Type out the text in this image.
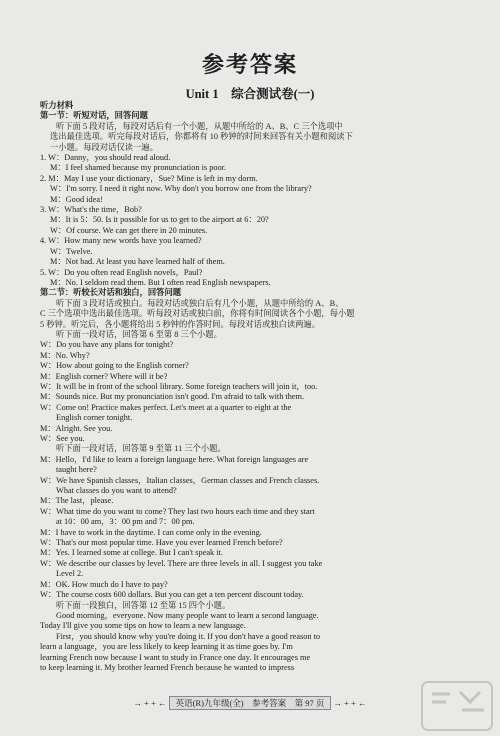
参考答案
Unit 1　综合测试卷(一)

听力材料

第一节：听短对话，回答问题

听下面 5 段对话，每段对话后有一个小题，从题中所给的 A、B、C 三个选项中

选出最佳选项。听完每段对话后，你都将有 10 秒钟的时间来回答有关小题和阅读下

一小题。每段对话仅读一遍。

1. W：Danny，you should read aloud.

M：I feel shamed because my pronunciation is poor.

2. M：May I use your dictionary，Sue? Mine is left in my dorm.

W：I'm sorry. I need it right now. Why don't you borrow one from the library?

M：Good idea!

3. W：What's the time，Bob?

M：It is 5：50. Is it possible for us to get to the airport at 6：20?

W：Of course. We can get there in 20 minutes.

4. W：How many new words have you learned?

W：Twelve.

M：Not bad. At least you have learned half of them.

5. W：Do you often read English novels，Paul?

M：No. I seldom read them. But I often read English newspapers.

第二节：听较长对话和独白，回答问题

听下面 3 段对话或独白。每段对话或独白后有几个小题，从题中所给的 A、B、

C 三个选项中选出最佳选项。听每段对话或独白前，你将有时间阅读各个小题，每小题

5 秒钟。听完后，各小题将给出 5 秒钟的作答时间。每段对话或独白读两遍。

听下面一段对话，回答第 6 至第 8 三个小题。

W：Do you have any plans for tonight?

M：No. Why?

W：How about going to the English corner?

M：English corner? Where will it be?

W：It will be in front of the school library. Some foreign teachers will join it，too.

M：Sounds nice. But my pronunciation isn't good. I'm afraid to talk with them.

W：Come on! Practice makes perfect. Let's meet at a quarter to eight at the

English corner tonight.

M：Alright. See you.

W：See you.

听下面一段对话，回答第 9 至第 11 三个小题。

M：Hello，I'd like to learn a foreign language here. What foreign languages are

taught here?

W：We have Spanish classes，Italian classes，German classes and French classes.

What classes do you want to attend?

M：The last，please.

W：What time do you want to come? They last two hours each time and they start

at 10：00 am，3：00 pm and 7：00 pm.

M：I have to work in the daytime. I can come only in the evening.

W：That's our most popular time. Have you ever learned French before?

M：Yes. I learned some at college. But I can't speak it.

W：We describe our classes by level. There are three levels in all. I suggest you take

Level 2.

M：OK. How much do I have to pay?

W：The course costs 600 dollars. But you can get a ten percent discount today.

听下面一段独白，回答第 12 至第 15 四个小题。

Good morning，everyone. Now many people want to learn a second language.

Today I'll give you some tips on how to learn a new language.

First，you should know why you're doing it. If you don't have a good reason to

learn a language，you are less likely to keep learning it as time goes by. I'm

learning French now because I want to study in France one day. It encourages me

to keep learning it. My brother learned French because he wanted to impress

→ + + ← 英语(R)九年级(全)　参考答案　第 97 页 → + + ←
